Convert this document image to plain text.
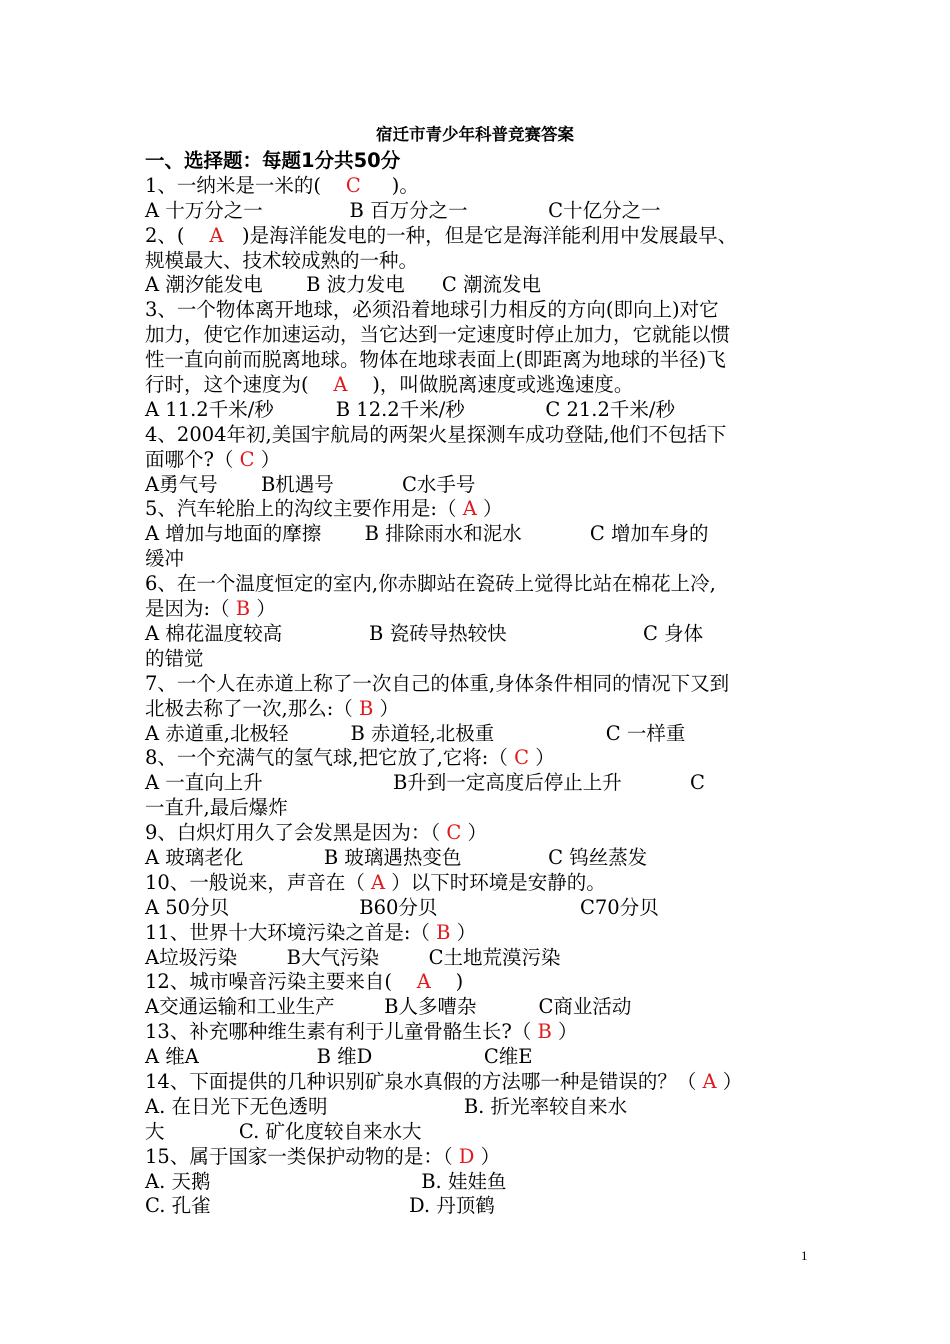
宿迁市青少年科普竞赛答案
一、选择题：每题1分共50分
1、一纳米是一米的(    C     )。
A 十万分之一              B 百万分之一             C十亿分之一
2、(    A   )是海洋能发电的一种，但是它是海洋能利用中发展最早、
规模最大、技术较成熟的一种。
A 潮汐能发电       B 波力发电      C 潮流发电
3、一个物体离开地球，必须沿着地球引力相反的方向(即向上)对它
加力，使它作加速运动，当它达到一定速度时停止加力，它就能以惯
性一直向前而脱离地球。物体在地球表面上(即距离为地球的半径)飞
行时，这个速度为(    A    )，叫做脱离速度或逃逸速度。
A 11.2千米/秒          B 12.2千米/秒             C 21.2千米/秒
4、2004年初,美国宇航局的两架火星探测车成功登陆,他们不包括下
面哪个?（ C ）
A勇气号       B机遇号           C水手号
5、汽车轮胎上的沟纹主要作用是:（ A ）
A 增加与地面的摩擦       B 排除雨水和泥水           C 增加车身的
缓冲
6、在一个温度恒定的室内,你赤脚站在瓷砖上觉得比站在棉花上冷,
是因为:（ B ）
A 棉花温度较高              B 瓷砖导热较快                      C 身体
的错觉
7、一个人在赤道上称了一次自己的体重,身体条件相同的情况下又到
北极去称了一次,那么:（ B ）
A 赤道重,北极轻          B 赤道轻,北极重                  C 一样重
8、一个充满气的氢气球,把它放了,它将:（ C ）
A 一直向上升                     B升到一定高度后停止上升           C
一直升,最后爆炸
9、白炽灯用久了会发黑是因为：（ C ）
A 玻璃老化             B 玻璃遇热变色              C 钨丝蒸发
10、一般说来，声音在（ A ）以下时环境是安静的。
A 50分贝                     B60分贝                       C70分贝
11、世界十大环境污染之首是:（ B ）
A垃圾污染        B大气污染        C土地荒漠污染
12、城市噪音污染主要来自(    A    )
A交通运输和工业生产        B人多嘈杂          C商业活动
13、补充哪种维生素有利于儿童骨骼生长?（ B ）
A 维A                   B 维D                  C维E
14、下面提供的几种识别矿泉水真假的方法哪一种是错误的？（ A ）
A. 在日光下无色透明                      B. 折光率较自来水
大            C. 矿化度较自来水大
15、属于国家一类保护动物的是：（ D ）
A. 天鹅                                  B. 娃娃鱼
C. 孔雀                                D. 丹顶鹤
1
